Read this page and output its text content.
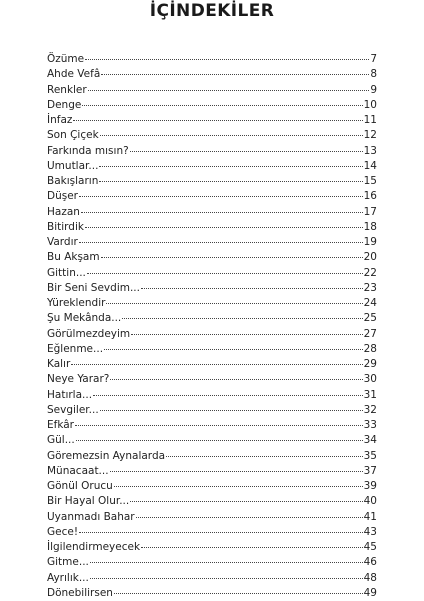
İÇİNDEKİLER
Özüme	7
Ahde Vefâ	8
Renkler	9
Denge	10
İnfaz	11
Son Çiçek	12
Farkında mısın?	13
Umutlar...	14
Bakışların	15
Düşer	16
Hazan	17
Bitirdik	18
Vardır	19
Bu Akşam	20
Gittin...	22
Bir Seni Sevdim...	23
Yüreklendir	24
Şu Mekânda...	25
Görülmezdeyim	27
Eğlenme...	28
Kalır	29
Neye Yarar?	30
Hatırla...	31
Sevgiler...	32
Efkâr	33
Gül...	34
Göremezsin Aynalarda	35
Münacaat...	37
Gönül Orucu	39
Bir Hayal Olur...	40
Uyanmadı Bahar	41
Gece!	43
İlgilendirmeyecek	45
Gitme...	46
Ayrılık...	48
Dönebilirsen	49
